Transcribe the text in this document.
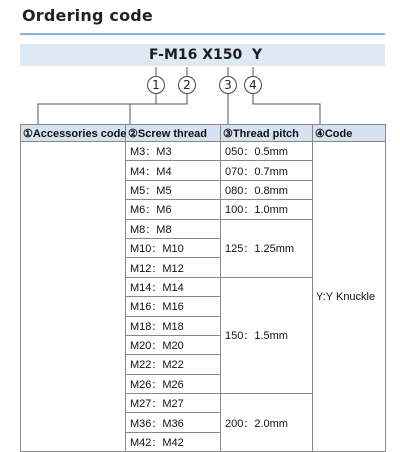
Ordering code
F-M16 X150  Y
1	2	3	4
①Accessories code	②Screw thread	③Thread pitch	④Code
	M3：M3	050：0.5mm	Y:Y Knuckle
	M4：M4	070：0.7mm	
	M5：M5	080：0.8mm	
	M6：M6	100：1.0mm	
	M8：M8	125：1.25mm	
	M10：M10		
	M12：M12		
	M14：M14	150：1.5mm	
	M16：M16		
	M18：M18		
	M20：M20		
	M22：M22		
	M26：M26		
	M27：M27	200：2.0mm	
	M36：M36		
	M42：M42		
